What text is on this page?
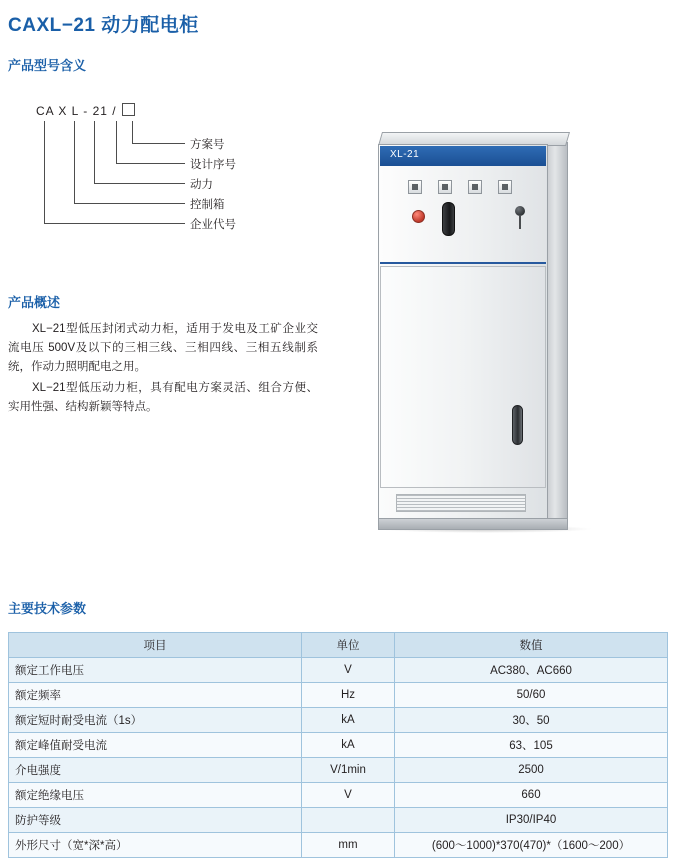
CAXL−21 动力配电柜
产品型号含义
CA X L - 21 /
方案号
设计序号
动力
控制箱
企业代号
产品概述

XL−21型低压封闭式动力柜，适用于发电及工矿企业交流电压 500V及以下的三相三线、三相四线、三相五线制系统，作动力照明配电之用。

XL−21型低压动力柜，具有配电方案灵活、组合方便、实用性强、结构新颖等特点。

XL-21
主要技术参数
项目	单位	数值
额定工作电压	V	AC380、AC660
额定频率	Hz	50/60
额定短时耐受电流（1s）	kA	30、50
额定峰值耐受电流	kA	63、105
介电强度	V/1min	2500
额定绝缘电压	V	660
防护等级		IP30/IP40
外形尺寸（宽*深*高）	mm	(600～1000)*370(470)*（1600～200）
